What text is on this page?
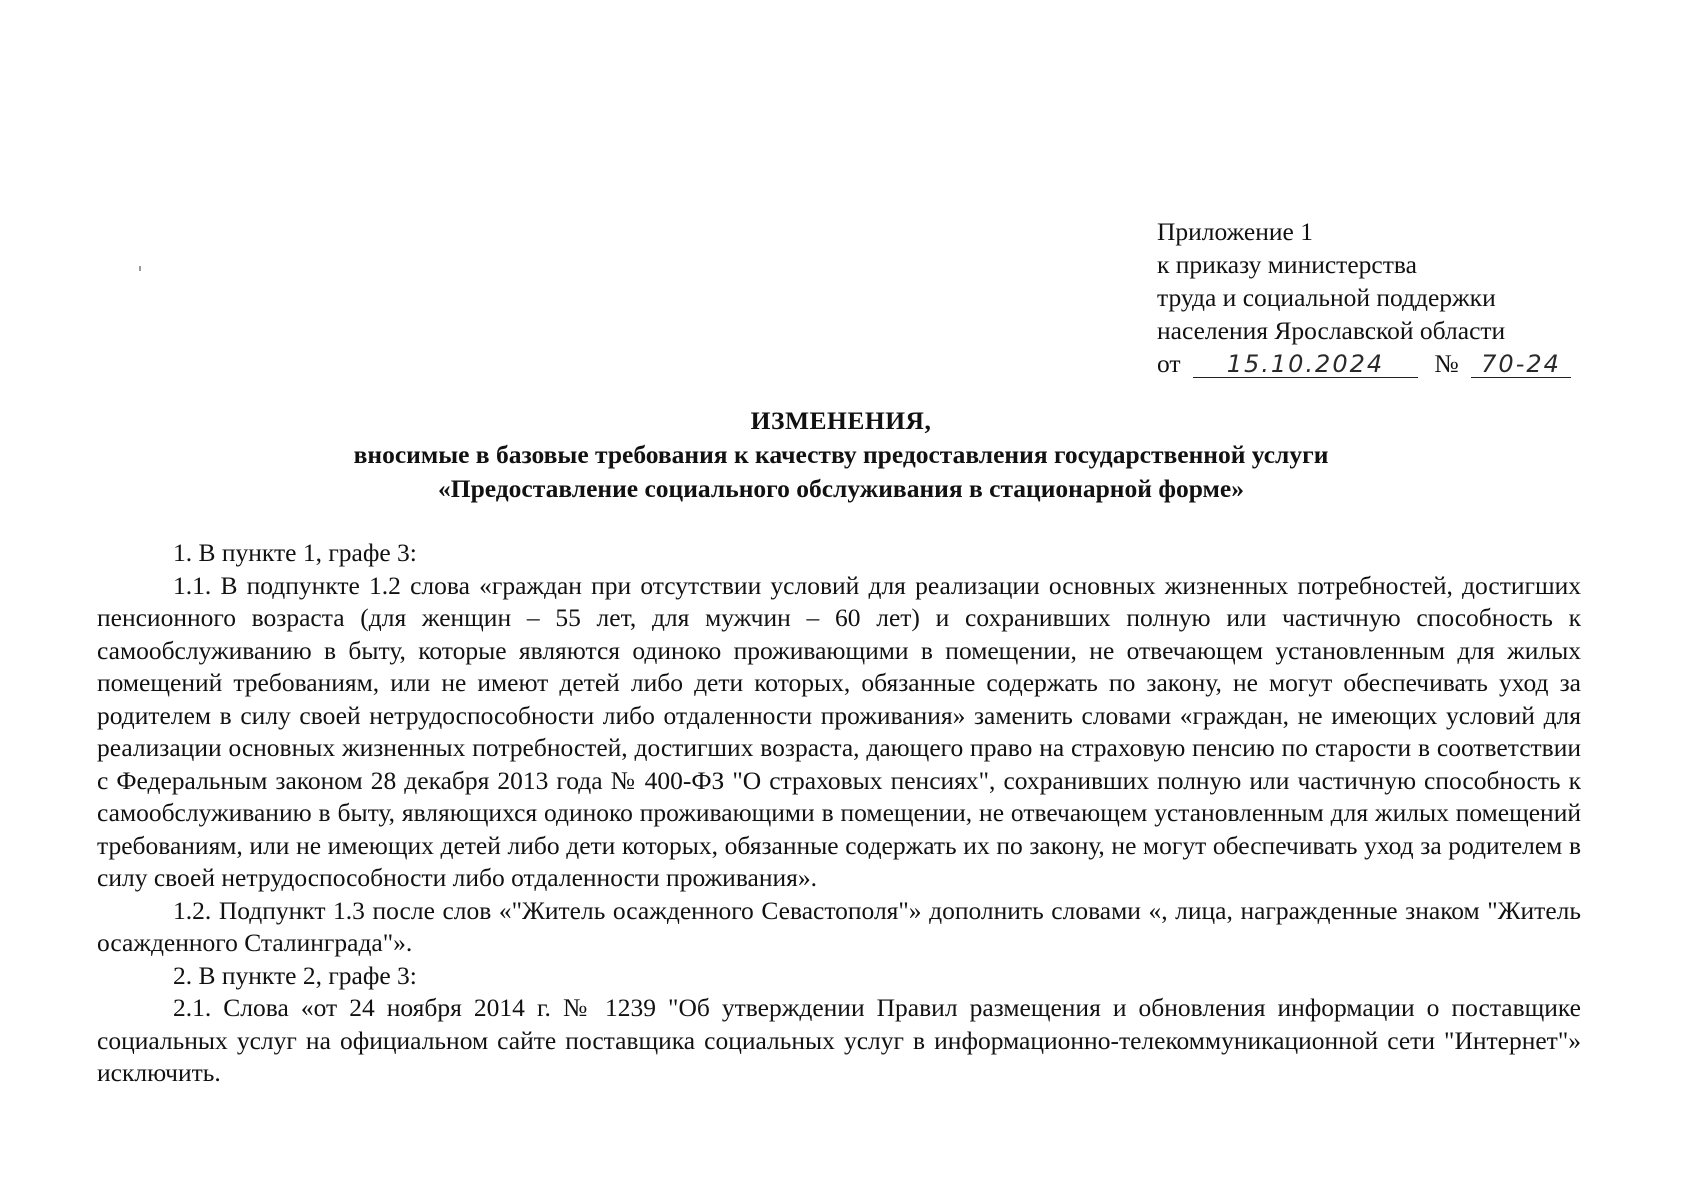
Приложение 1
к приказу министерства
труда и социальной поддержки
населения Ярославской области
от 15.10.2024 № 70-24
ИЗМЕНЕНИЯ,
вносимые в базовые требования к качеству предоставления государственной услуги
«Предоставление социального обслуживания в стационарной форме»

1. В пункте 1, графе 3:

1.1. В подпункте 1.2 слова «граждан при отсутствии условий для реализации основных жизненных потребностей, достигших пенсионного возраста (для женщин – 55 лет, для мужчин – 60 лет) и сохранивших полную или частичную способность к самообслуживанию в быту, которые являются одиноко проживающими в помещении, не отвечающем установленным для жилых помещений требованиям, или не имеют детей либо дети которых, обязанные содержать по закону, не могут обеспечивать уход за родителем в силу своей нетрудоспособности либо отдаленности проживания» заменить словами «граждан, не имеющих условий для реализации основных жизненных потребностей, достигших возраста, дающего право на страховую пенсию по старости в соответствии с Федеральным законом 28 декабря 2013 года № 400-ФЗ "О страховых пенсиях", сохранивших полную или частичную способность к самообслуживанию в быту, являющихся одиноко проживающими в помещении, не отвечающем установленным для жилых помещений требованиям, или не имеющих детей либо дети которых, обязанные содержать их по закону, не могут обеспечивать уход за родителем в силу своей нетрудоспособности либо отдаленности проживания».

1.2. Подпункт 1.3 после слов «"Житель осажденного Севастополя"» дополнить словами «, лица, награжденные знаком "Житель осажденного Сталинграда"».

2. В пункте 2, графе 3:

2.1. Слова «от 24 ноября 2014 г. № 1239 "Об утверждении Правил размещения и обновления информации о поставщике социальных услуг на официальном сайте поставщика социальных услуг в информационно-телекоммуникационной сети "Интернет"» исключить.
